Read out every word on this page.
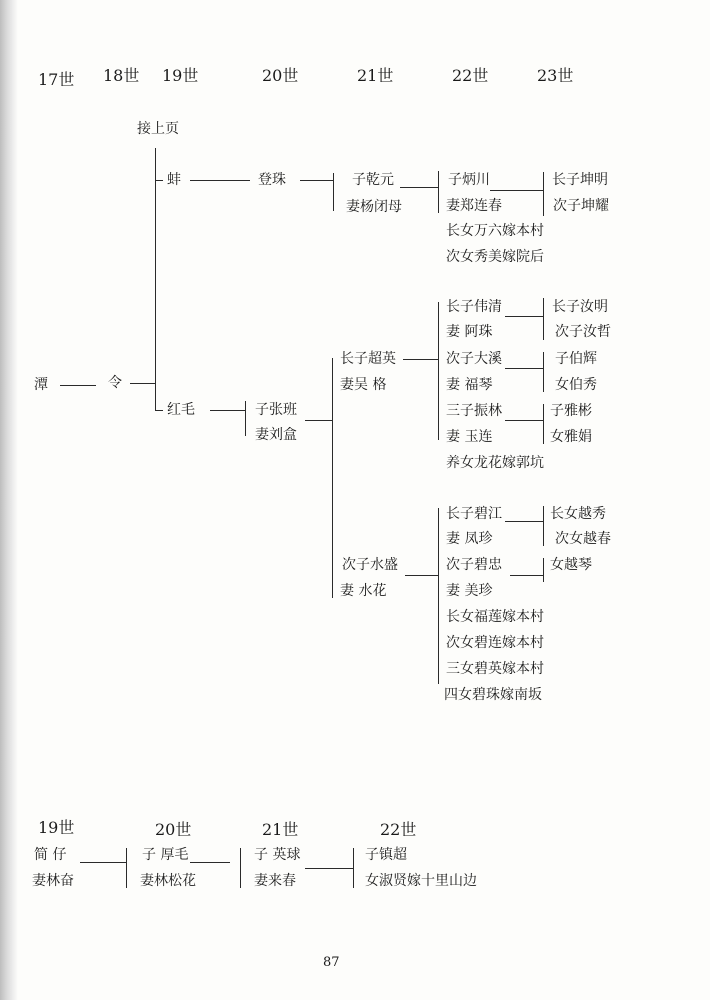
17世 18世 19世	20世	21世	22世	23世
接上页
潭	令
蚌
红毛
登珠	子乾元
妻杨闭母
子炳川
妻郑连春
长女万六嫁本村
次女秀美嫁院后
长子坤明
次子坤耀
子张班
妻刘盒
长子超英
妻吴 格
长子伟清
妻 阿珠
次子大溪
妻 福琴
三子振林
妻 玉连
养女龙花嫁郭坑
长子汝明
次子汝哲
子伯辉
女伯秀
子雅彬
女雅娟
次子水盛
妻 水花
长子碧江
妻 凤珍
次子碧忠
妻 美珍
长女福莲嫁本村
次女碧连嫁本村
三女碧英嫁本村
四女碧珠嫁南坂
长女越秀
次女越春
女越琴
19世	20世	21世	22世
简 仔
妻林奋
子 厚毛
妻林松花
子 英球
妻来春
子镇超
女淑贤嫁十里山边
87
